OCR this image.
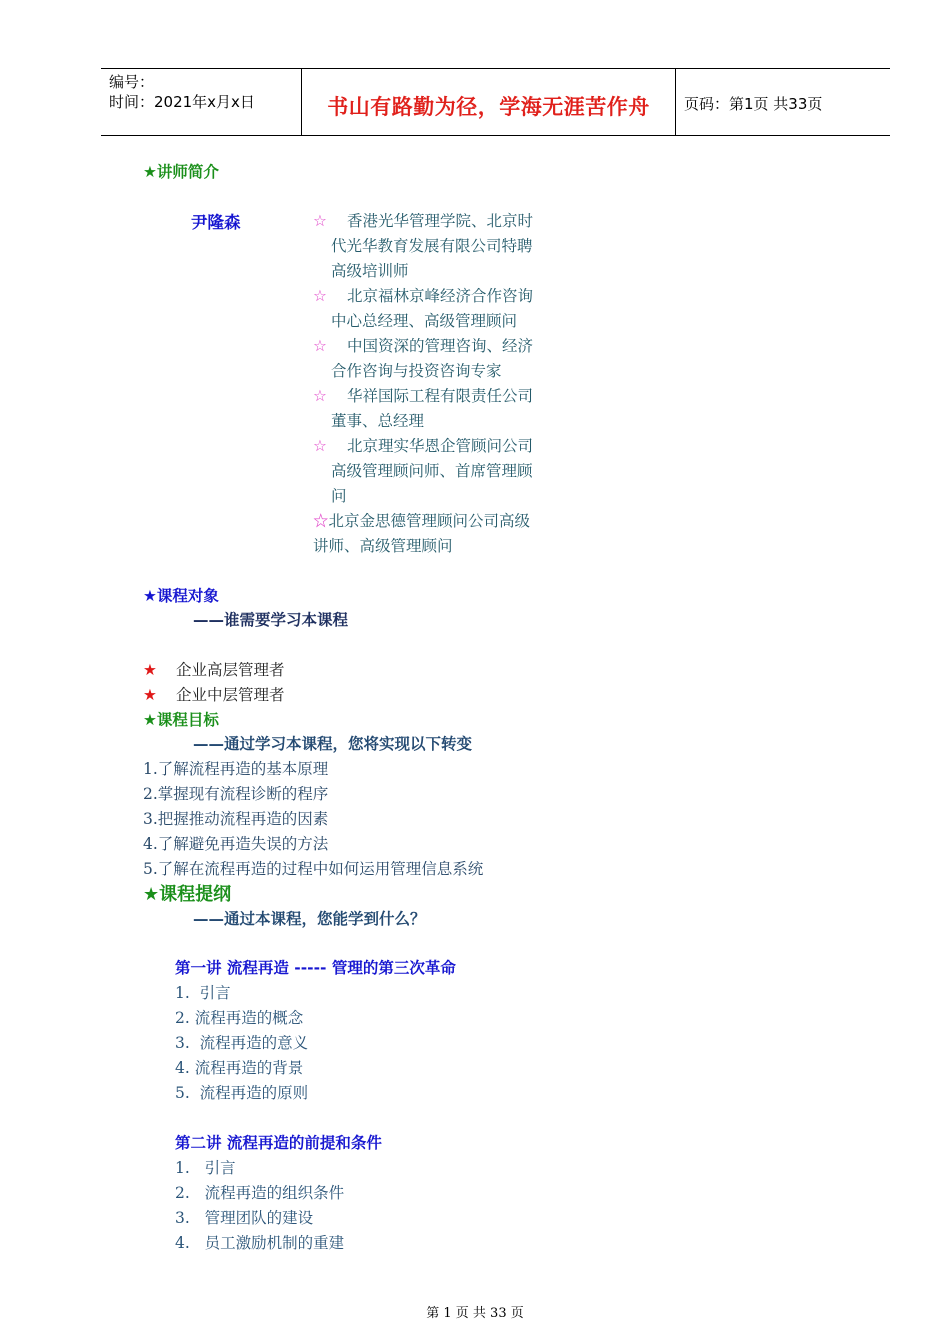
编号：
时间：2021年x月x日	书山有路勤为径，学海无涯苦作舟	页码：第1页 共33页
★讲师简介
尹隆森	☆ 香港光华管理学院、北京时
代光华教育发展有限公司特聘
高级培训师
☆ 北京福林京峰经济合作咨询
中心总经理、高级管理顾问
☆ 中国资深的管理咨询、经济
合作咨询与投资咨询专家
☆ 华祥国际工程有限责任公司
董事、总经理
☆ 北京理实华恩企管顾问公司
高级管理顾问师、首席管理顾
问
☆北京金思德管理顾问公司高级
讲师、高级管理顾问
★课程对象
——谁需要学习本课程
★ 企业高层管理者
★ 企业中层管理者
★课程目标
——通过学习本课程，您将实现以下转变
1.了解流程再造的基本原理
2.掌握现有流程诊断的程序
3.把握推动流程再造的因素
4.了解避免再造失误的方法
5.了解在流程再造的过程中如何运用管理信息系统
★课程提纲
——通过本课程，您能学到什么？
第一讲 流程再造 ----- 管理的第三次革命
1.  引言
2. 流程再造的概念
3.  流程再造的意义
4. 流程再造的背景
5.  流程再造的原则
第二讲 流程再造的前提和条件
1.   引言
2.   流程再造的组织条件
3.   管理团队的建设
4.   员工激励机制的重建
第 1 页 共 33 页
